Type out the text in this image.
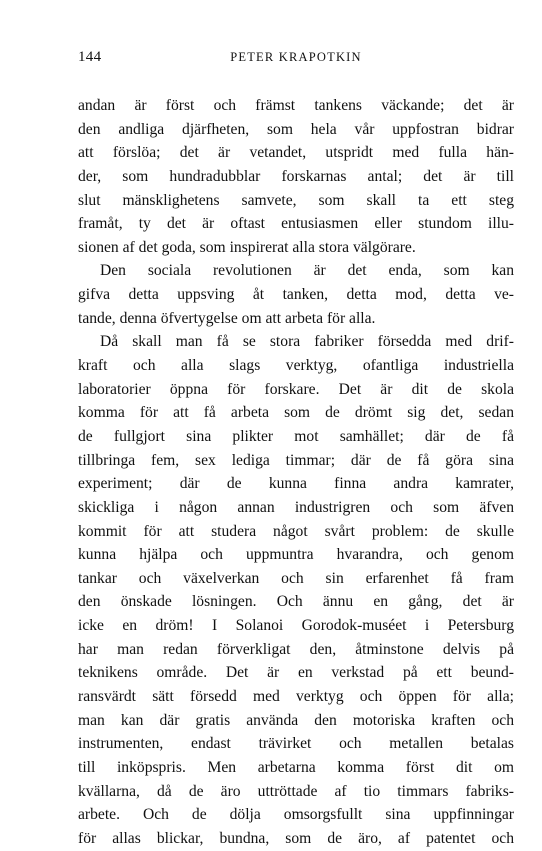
144	PETER KRAPOTKIN
andan är först och främst tankens väckande; det är
den andliga djärfheten, som hela vår uppfostran bidrar
att förslöa; det är vetandet, utspridt med fulla hän-
der, som hundradubblar forskarnas antal; det är till
slut mänsklighetens samvete, som skall ta ett steg
framåt, ty det är oftast entusiasmen eller stundom illu-
sionen af det goda, som inspirerat alla stora välgörare.
Den sociala revolutionen är det enda, som kan
gifva detta uppsving åt tanken, detta mod, detta ve-
tande, denna öfvertygelse om att arbeta för alla.
Då skall man få se stora fabriker försedda med drif-
kraft och alla slags verktyg, ofantliga industriella
laboratorier öppna för forskare. Det är dit de skola
komma för att få arbeta som de drömt sig det, sedan
de fullgjort sina plikter mot samhället; där de få
tillbringa fem, sex lediga timmar; där de få göra sina
experiment; där de kunna finna andra kamrater,
skickliga i någon annan industrigren och som äfven
kommit för att studera något svårt problem: de skulle
kunna hjälpa och uppmuntra hvarandra, och genom
tankar och växelverkan och sin erfarenhet få fram
den önskade lösningen. Och ännu en gång, det är
icke en dröm! I Solanoi Gorodok-muséet i Petersburg
har man redan förverkligat den, åtminstone delvis på
teknikens område. Det är en verkstad på ett beund-
ransvärdt sätt försedd med verktyg och öppen för alla;
man kan där gratis använda den motoriska kraften och
instrumenten, endast trävirket och metallen betalas
till inköpspris. Men arbetarna komma först dit om
kvällarna, då de äro uttröttade af tio timmars fabriks-
arbete. Och de dölja omsorgsfullt sina uppfinningar
för allas blickar, bundna, som de äro, af patentet och
